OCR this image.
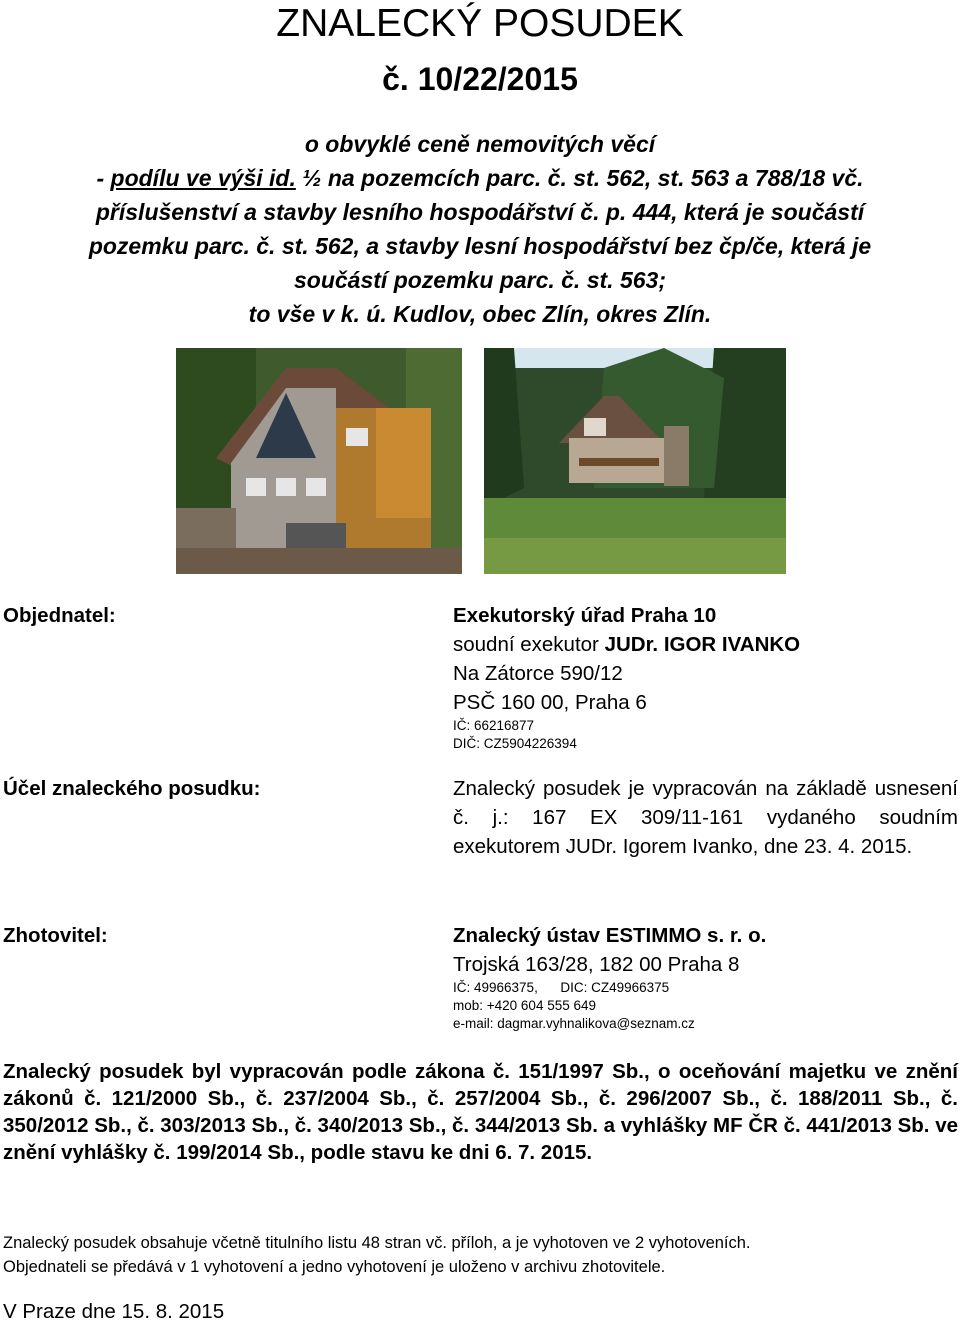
ZNALECKÝ POSUDEK
č. 10/22/2015
o obvyklé ceně nemovitých věcí
- podílu ve výši id. ½ na pozemcích parc. č. st. 562, st. 563 a 788/18 vč.
příslušenství a stavby lesního hospodářství č. p. 444, která je součástí
pozemku parc. č. st. 562, a stavby lesní hospodářství bez čp/če, která je
součástí pozemku parc. č. st. 563;
to vše v k. ú. Kudlov, obec Zlín, okres Zlín.
Objednatel:	Exekutorský úřad Praha 10
soudní exekutor JUDr. IGOR IVANKO
Na Zátorce 590/12
PSČ 160 00, Praha 6
IČ: 66216877
DIČ: CZ5904226394
Účel znaleckého posudku:	Znalecký posudek je vypracován na základě usnesení č. j.: 167 EX 309/11-161 vydaného soudním exekutorem JUDr. Igorem Ivanko, dne 23. 4. 2015.
Zhotovitel:	Znalecký ústav ESTIMMO s. r. o.
Trojská 163/28, 182 00 Praha 8
IČ: 49966375,      DIC: CZ49966375
mob: +420 604 555 649
e-mail: dagmar.vyhnalikova@seznam.cz
Znalecký posudek byl vypracován podle zákona č. 151/1997 Sb., o oceňování majetku ve znění zákonů č. 121/2000 Sb., č. 237/2004 Sb., č. 257/2004 Sb., č. 296/2007 Sb., č. 188/2011 Sb., č. 350/2012 Sb., č. 303/2013 Sb., č. 340/2013 Sb., č. 344/2013 Sb. a vyhlášky MF ČR č. 441/2013 Sb. ve znění vyhlášky č. 199/2014 Sb., podle stavu ke dni 6. 7. 2015.
Znalecký posudek obsahuje včetně titulního listu 48 stran vč. příloh, a je vyhotoven ve 2 vyhotoveních.
Objednateli se předává v 1 vyhotovení a jedno vyhotovení je uloženo v archivu zhotovitele.
V Praze dne 15. 8. 2015
